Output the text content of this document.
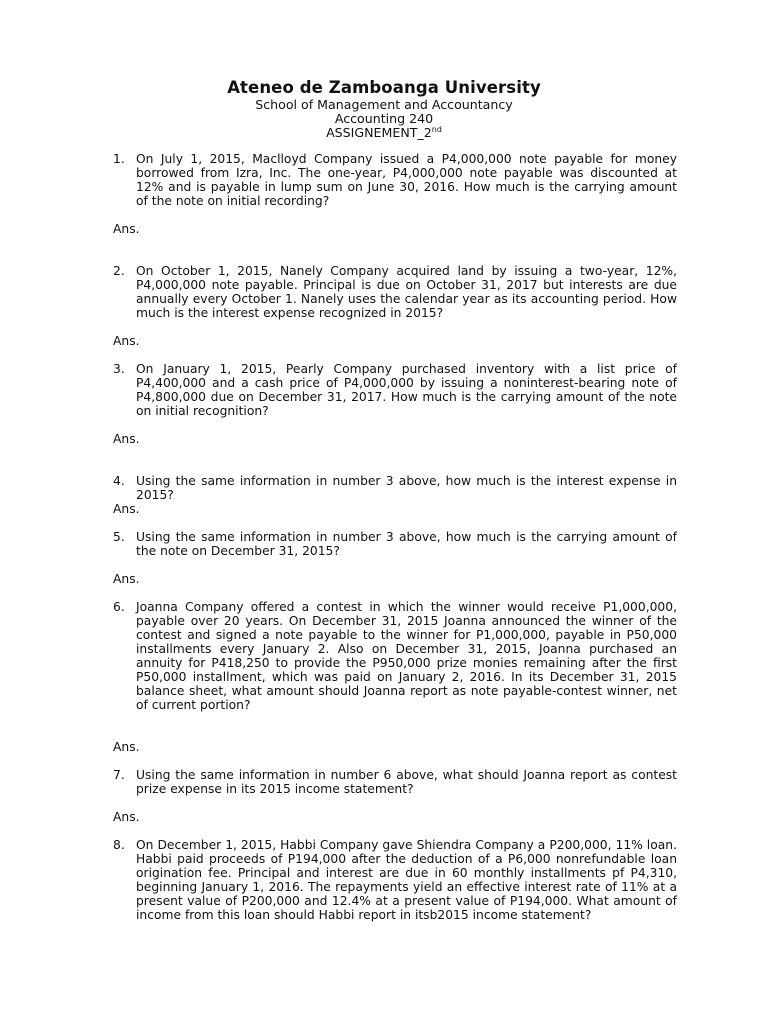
Ateneo de Zamboanga University
School of Management and Accountancy
Accounting 240
ASSIGNEMENT_2nd
1. On July 1, 2015, Maclloyd Company issued a P4,000,000 note payable for money borrowed from Izra, Inc. The one-year, P4,000,000 note payable was discounted at 12% and is payable in lump sum on June 30, 2016. How much is the carrying amount of the note on initial recording?
Ans.
2. On October 1, 2015, Nanely Company acquired land by issuing a two-year, 12%, P4,000,000 note payable. Principal is due on October 31, 2017 but interests are due annually every October 1. Nanely uses the calendar year as its accounting period. How much is the interest expense recognized in 2015?
Ans.
3. On January 1, 2015, Pearly Company purchased inventory with a list price of P4,400,000 and a cash price of P4,000,000 by issuing a noninterest-bearing note of P4,800,000 due on December 31, 2017. How much is the carrying amount of the note on initial recognition?
Ans.
4. Using the same information in number 3 above, how much is the interest expense in 2015?
Ans.
5. Using the same information in number 3 above, how much is the carrying amount of the note on December 31, 2015?
Ans.
6. Joanna Company offered a contest in which the winner would receive P1,000,000, payable over 20 years. On December 31, 2015 Joanna announced the winner of the contest and signed a note payable to the winner for P1,000,000, payable in P50,000 installments every January 2. Also on December 31, 2015, Joanna purchased an annuity for P418,250 to provide the P950,000 prize monies remaining after the first P50,000 installment, which was paid on January 2, 2016. In its December 31, 2015 balance sheet, what amount should Joanna report as note payable-contest winner, net of current portion?
Ans.
7. Using the same information in number 6 above, what should Joanna report as contest prize expense in its 2015 income statement?
Ans.
8. On December 1, 2015, Habbi Company gave Shiendra Company a P200,000, 11% loan. Habbi paid proceeds of P194,000 after the deduction of a P6,000 nonrefundable loan origination fee. Principal and interest are due in 60 monthly installments pf P4,310, beginning January 1, 2016. The repayments yield an effective interest rate of 11% at a present value of P200,000 and 12.4% at a present value of P194,000. What amount of income from this loan should Habbi report in itsb2015 income statement?
